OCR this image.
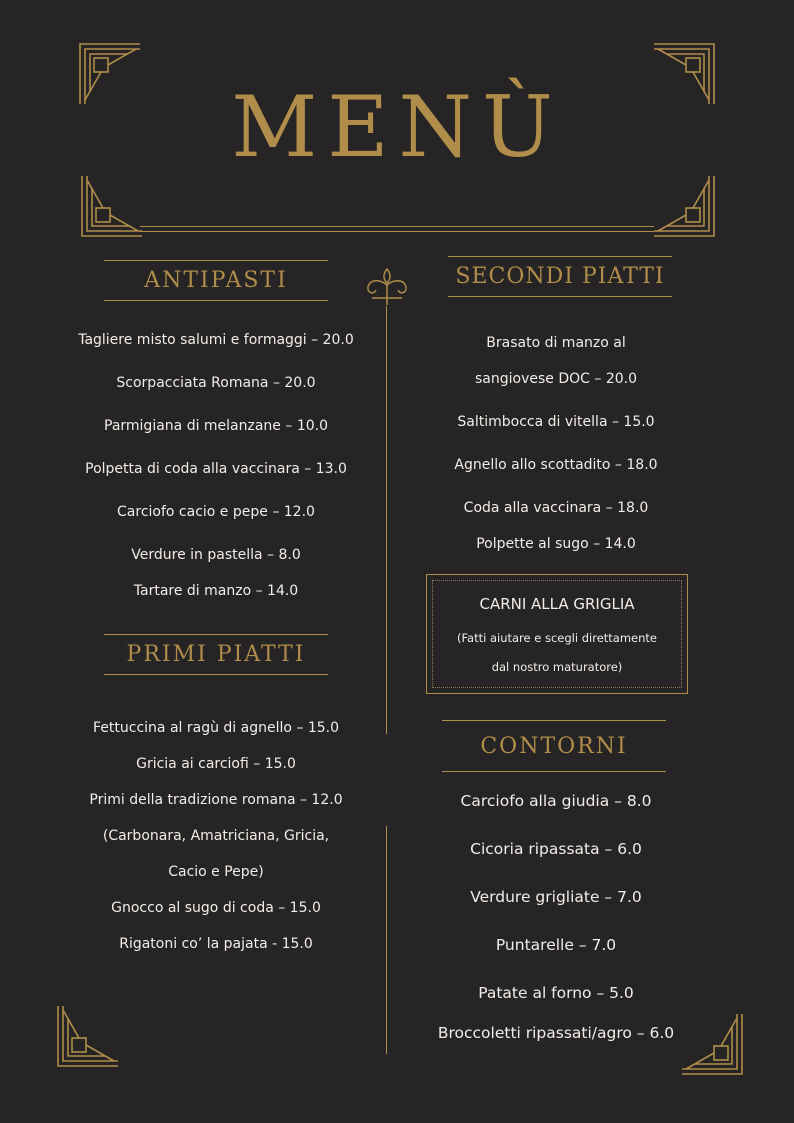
MENÙ
ANTIPASTI
Tagliere misto salumi e formaggi – 20.0
Scorpacciata Romana – 20.0
Parmigiana di melanzane – 10.0
Polpetta di coda alla vaccinara – 13.0
Carciofo cacio e pepe – 12.0
Verdure in pastella – 8.0
Tartare di manzo – 14.0
PRIMI PIATTI
Fettuccina al ragù di agnello – 15.0
Gricia ai carciofi – 15.0
Primi della tradizione romana – 12.0
(Carbonara, Amatriciana, Gricia,
Cacio e Pepe)
Gnocco al sugo di coda – 15.0
Rigatoni co’ la pajata - 15.0
SECONDI PIATTI
Brasato di manzo al
sangiovese DOC – 20.0
Saltimbocca di vitella – 15.0
Agnello allo scottadito – 18.0
Coda alla vaccinara – 18.0
Polpette al sugo – 14.0
CARNI ALLA GRIGLIA
(Fatti aiutare e scegli direttamente
dal nostro maturatore)
CONTORNI
Carciofo alla giudia – 8.0
Cicoria ripassata – 6.0
Verdure grigliate – 7.0
Puntarelle – 7.0
Patate al forno – 5.0
Broccoletti ripassati/agro – 6.0
